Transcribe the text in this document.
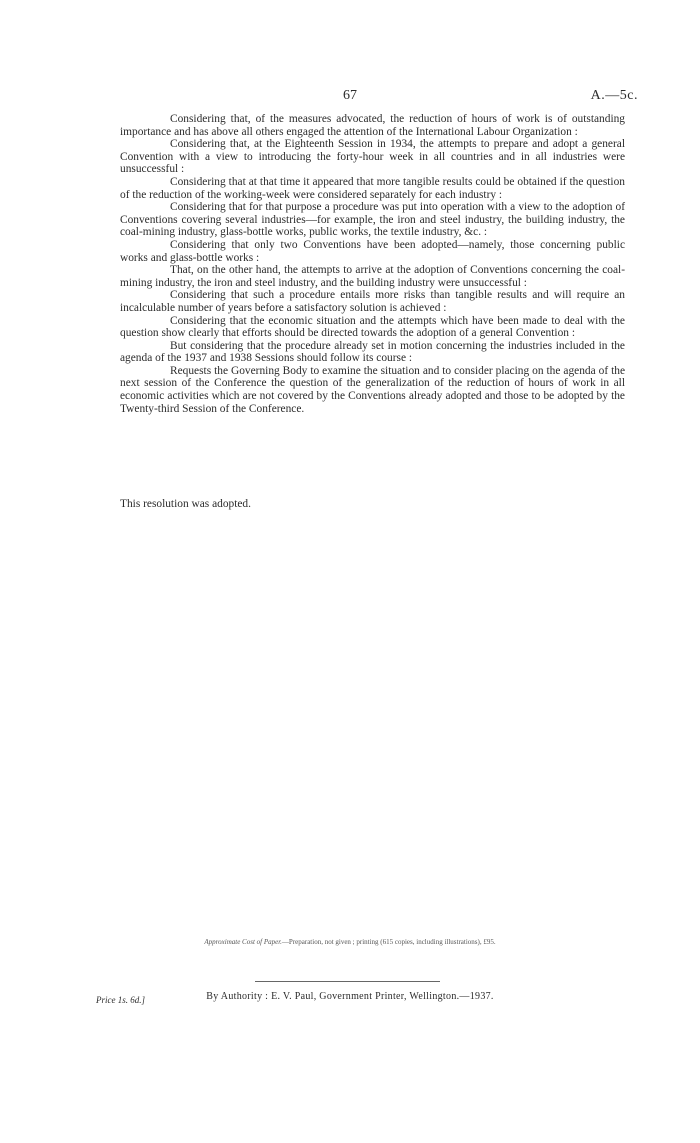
67	A.—5c.

Considering that, of the measures advocated, the reduction of hours of work is of outstanding importance and has above all others engaged the attention of the International Labour Organization :

Considering that, at the Eighteenth Session in 1934, the attempts to prepare and adopt a general Convention with a view to introducing the forty-hour week in all countries and in all industries were unsuccessful :

Considering that at that time it appeared that more tangible results could be obtained if the question of the reduction of the working-week were considered separately for each industry :

Considering that for that purpose a procedure was put into operation with a view to the adoption of Conventions covering several industries—for example, the iron and steel industry, the building industry, the coal-mining industry, glass-bottle works, public works, the textile industry, &c. :

Considering that only two Conventions have been adopted—namely, those concerning public works and glass-bottle works :

That, on the other hand, the attempts to arrive at the adoption of Conventions concerning the coal-mining industry, the iron and steel industry, and the building industry were unsuccessful :

Considering that such a procedure entails more risks than tangible results and will require an incalculable number of years before a satisfactory solution is achieved :

Considering that the economic situation and the attempts which have been made to deal with the question show clearly that efforts should be directed towards the adoption of a general Convention :

But considering that the procedure already set in motion concerning the industries included in the agenda of the 1937 and 1938 Sessions should follow its course :

Requests the Governing Body to examine the situation and to consider placing on the agenda of the next session of the Conference the question of the generalization of the reduction of hours of work in all economic activities which are not covered by the Conventions already adopted and those to be adopted by the Twenty-third Session of the Conference.

This resolution was adopted.
Approximate Cost of Paper.—Preparation, not given ; printing (615 copies, including illustrations), £95.
By Authority : E. V. Paul, Government Printer, Wellington.—1937.
Price 1s. 6d.]
